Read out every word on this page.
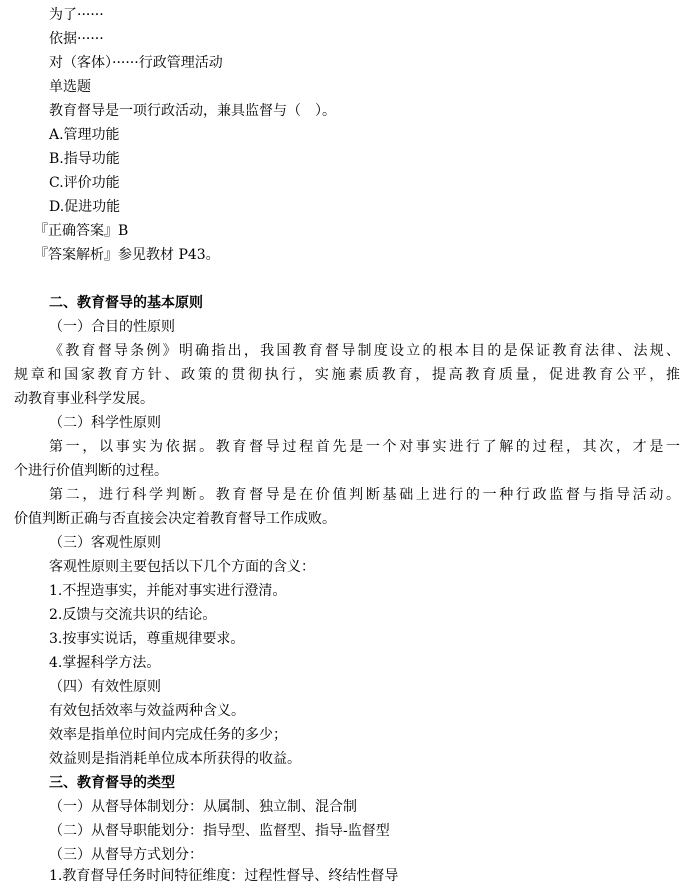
为了······

依据······

对（客体）······行政管理活动

单选题

教育督导是一项行政活动，兼具监督与（　）。

A.管理功能

B.指导功能

C.评价功能

D.促进功能

『正确答案』B

『答案解析』参见教材 P43。

二、教育督导的基本原则

（一）合目的性原则

《教育督导条例》明确指出，我国教育督导制度设立的根本目的是保证教育法律、法规、

规章和国家教育方针、政策的贯彻执行，实施素质教育，提高教育质量，促进教育公平，推

动教育事业科学发展。

（二）科学性原则

第一，以事实为依据。教育督导过程首先是一个对事实进行了解的过程，其次，才是一

个进行价值判断的过程。

第二，进行科学判断。教育督导是在价值判断基础上进行的一种行政监督与指导活动。

价值判断正确与否直接会决定着教育督导工作成败。

（三）客观性原则

客观性原则主要包括以下几个方面的含义：

1.不捏造事实，并能对事实进行澄清。

2.反馈与交流共识的结论。

3.按事实说话，尊重规律要求。

4.掌握科学方法。

（四）有效性原则

有效包括效率与效益两种含义。

效率是指单位时间内完成任务的多少；

效益则是指消耗单位成本所获得的收益。

三、教育督导的类型

（一）从督导体制划分：从属制、独立制、混合制

（二）从督导职能划分：指导型、监督型、指导-监督型

（三）从督导方式划分：

1.教育督导任务时间特征维度：过程性督导、终结性督导
